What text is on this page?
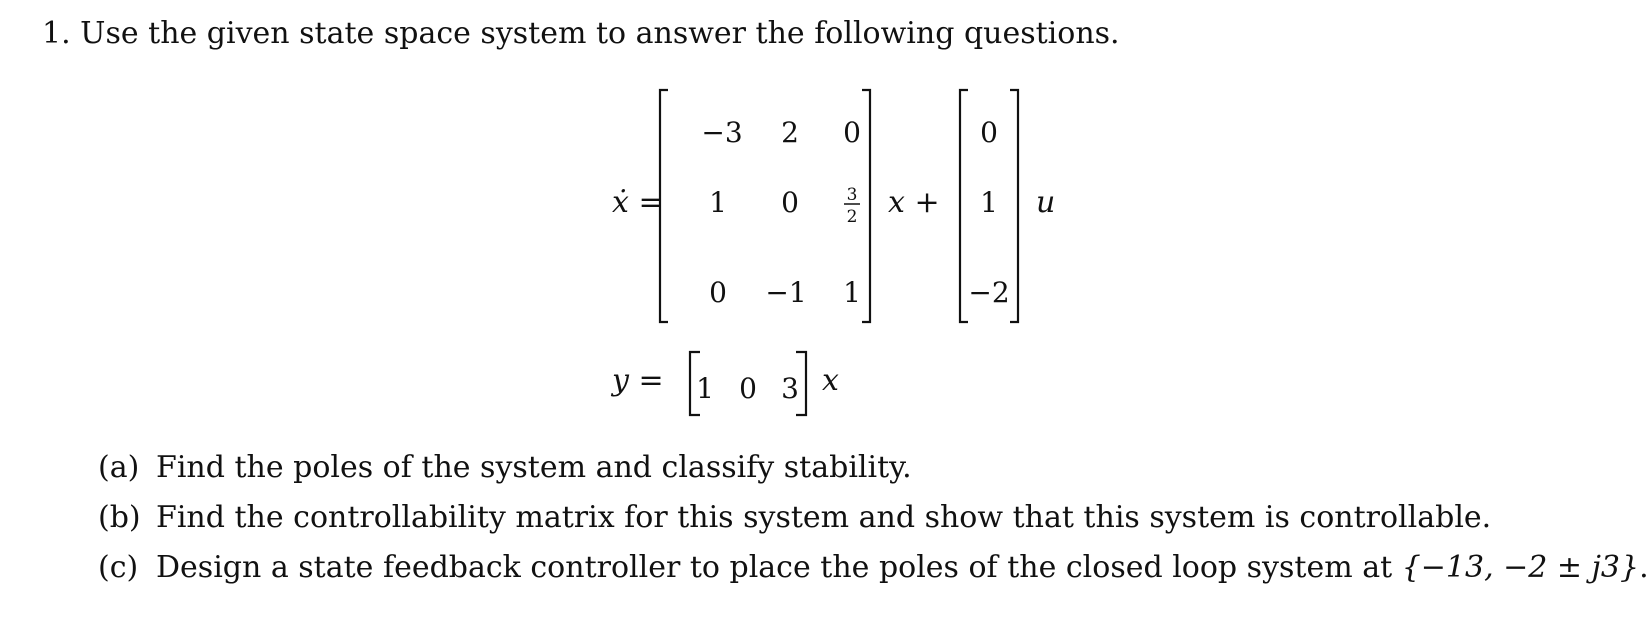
1. Use the given state space system to answer the following questions.
ẋ =
−3 2 0
1 0	3
2
0 −1 1
x +
0
1
−2
u
y = 1 0 3 x
(a) Find the poles of the system and classify stability.
(b) Find the controllability matrix for this system and show that this system is controllable.
(c) Design a state feedback controller to place the poles of the closed loop system at {−13, −2 ± j3}.
